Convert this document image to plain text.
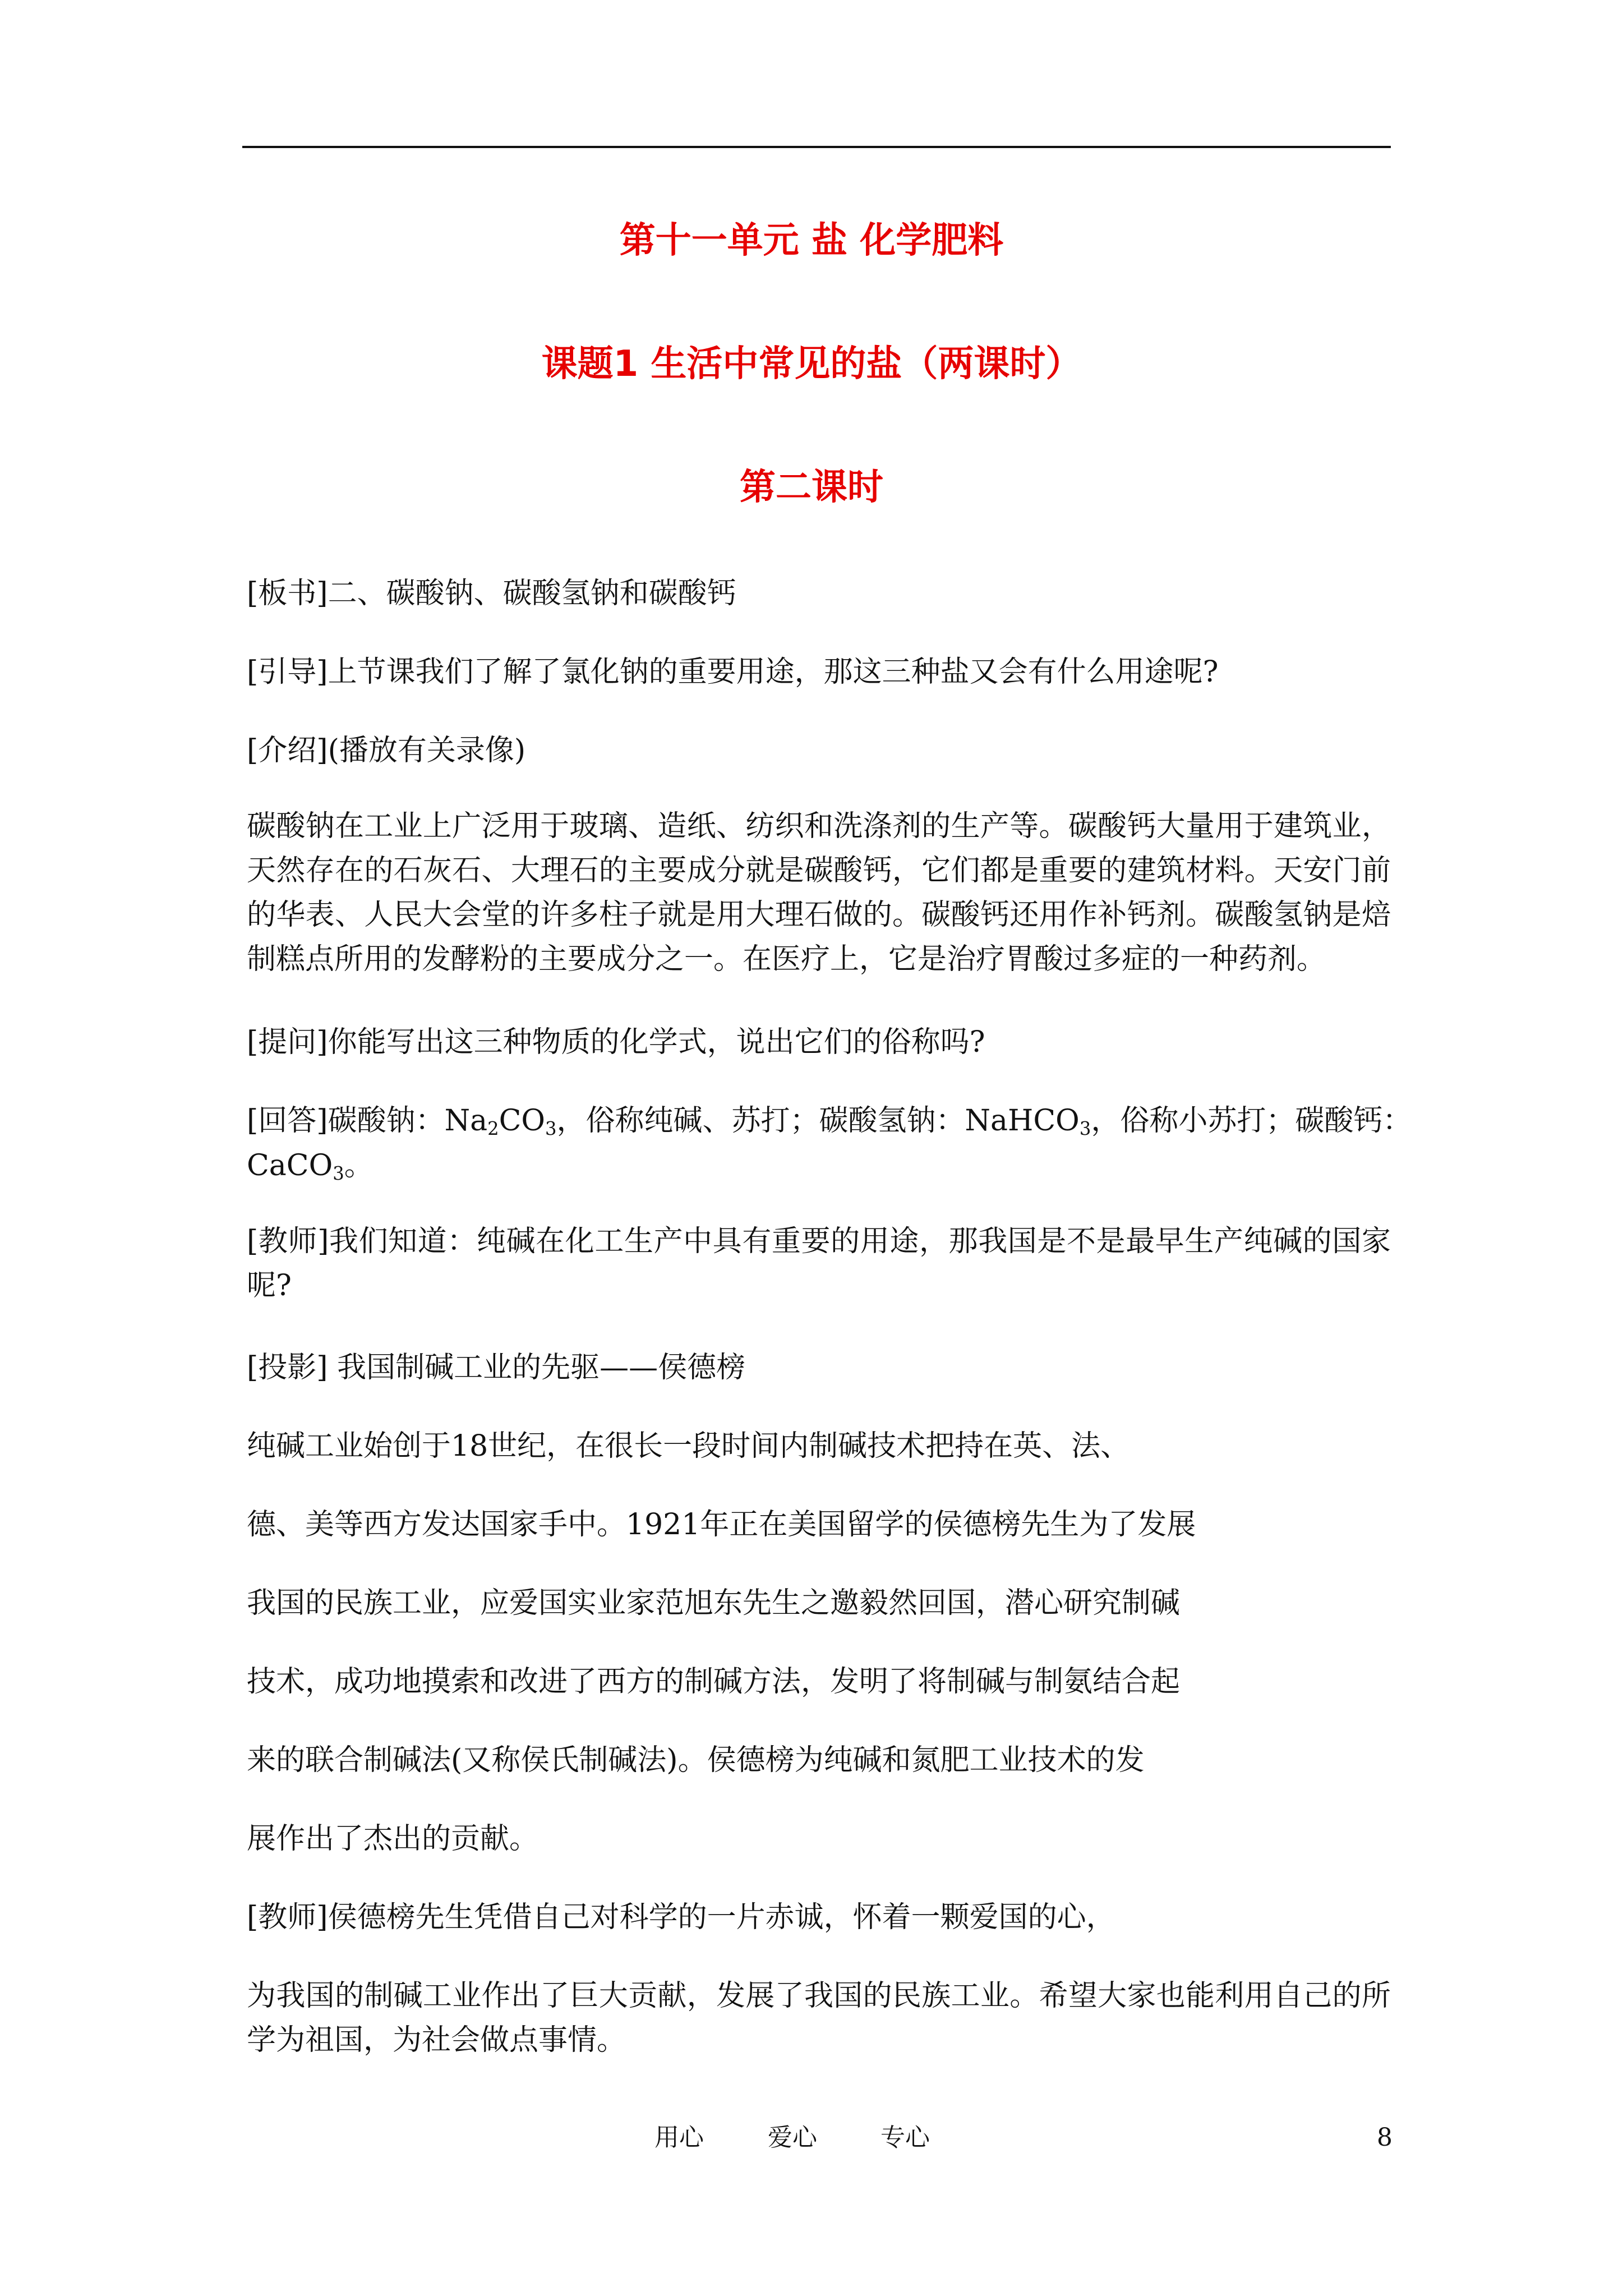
第十一单元 盐 化学肥料
课题1 生活中常见的盐（两课时）
第二课时
[板书]二、碳酸钠、碳酸氢钠和碳酸钙
[引导]上节课我们了解了氯化钠的重要用途，那这三种盐又会有什么用途呢?
[介绍](播放有关录像)
碳酸钠在工业上广泛用于玻璃、造纸、纺织和洗涤剂的生产等。碳酸钙大量用于建筑业，天然存在的石灰石、大理石的主要成分就是碳酸钙，它们都是重要的建筑材料。天安门前的华表、人民大会堂的许多柱子就是用大理石做的。碳酸钙还用作补钙剂。碳酸氢钠是焙制糕点所用的发酵粉的主要成分之一。在医疗上，它是治疗胃酸过多症的一种药剂。
[提问]你能写出这三种物质的化学式，说出它们的俗称吗?
[回答]碳酸钠：$Na_2CO_3$，俗称纯碱、苏打；碳酸氢钠：NaHCO$_3$，俗称小苏打；碳酸钙：
CaCO$_3$。
[教师]我们知道：纯碱在化工生产中具有重要的用途，那我国是不是最早生产纯碱的国家呢?
[投影] 我国制碱工业的先驱——侯德榜
纯碱工业始创于18世纪，在很长一段时间内制碱技术把持在英、法、
德、美等西方发达国家手中。1921年正在美国留学的侯德榜先生为了发展
我国的民族工业，应爱国实业家范旭东先生之邀毅然回国，潜心研究制碱
技术，成功地摸索和改进了西方的制碱方法，发明了将制碱与制氨结合起
来的联合制碱法(又称侯氏制碱法)。侯德榜为纯碱和氮肥工业技术的发
展作出了杰出的贡献。
[教师]侯德榜先生凭借自己对科学的一片赤诚，怀着一颗爱国的心，
为我国的制碱工业作出了巨大贡献，发展了我国的民族工业。希望大家也能利用自己的所学为祖国，为社会做点事情。
用心	爱心	专心	8
